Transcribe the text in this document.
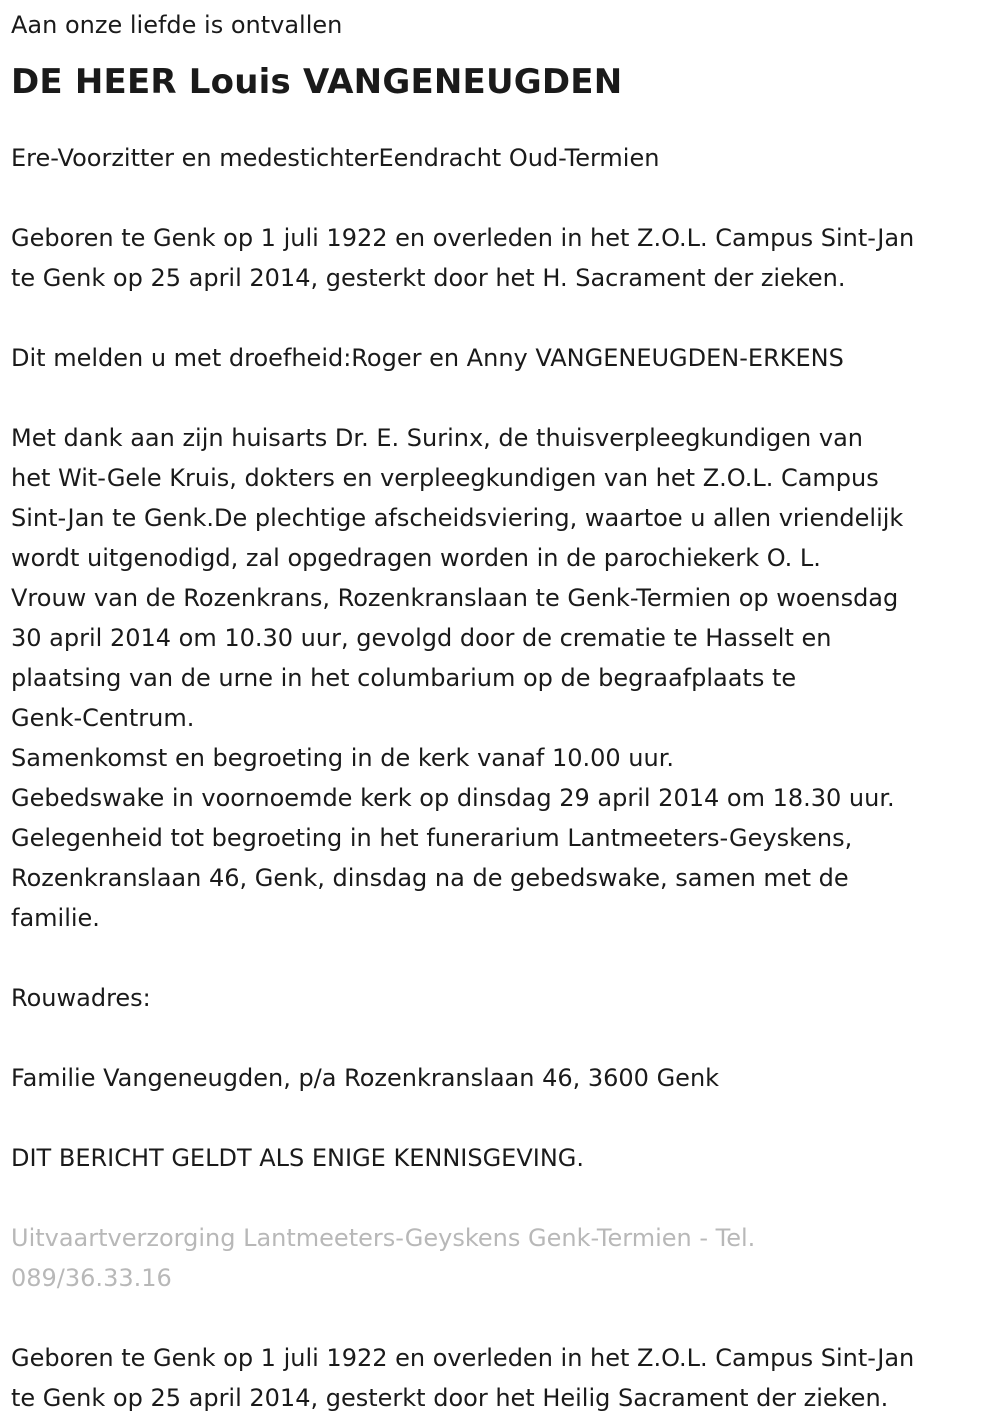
Aan onze liefde is ontvallen

DE HEER Louis VANGENEUGDEN

Ere-Voorzitter en medestichterEendracht Oud-Termien

Geboren te Genk op 1 juli 1922 en overleden in het Z.O.L. Campus Sint-Jan
te Genk op 25 april 2014, gesterkt door het H. Sacrament der zieken.

Dit melden u met droefheid:Roger en Anny VANGENEUGDEN-ERKENS

Met dank aan zijn huisarts Dr. E. Surinx, de thuisverpleegkundigen van
het Wit-Gele Kruis, dokters en verpleegkundigen van het Z.O.L. Campus
Sint-Jan te Genk.De plechtige afscheidsviering, waartoe u allen vriendelijk
wordt uitgenodigd, zal opgedragen worden in de parochiekerk O. L.
Vrouw van de Rozenkrans, Rozenkranslaan te Genk-Termien op woensdag
30 april 2014 om 10.30 uur, gevolgd door de crematie te Hasselt en
plaatsing van de urne in het columbarium op de begraafplaats te
Genk-Centrum.
Samenkomst en begroeting in de kerk vanaf 10.00 uur.
Gebedswake in voornoemde kerk op dinsdag 29 april 2014 om 18.30 uur.
Gelegenheid tot begroeting in het funerarium Lantmeeters-Geyskens,
Rozenkranslaan 46, Genk, dinsdag na de gebedswake, samen met de
familie.

Rouwadres:

Familie Vangeneugden, p/a Rozenkranslaan 46, 3600 Genk

DIT BERICHT GELDT ALS ENIGE KENNISGEVING.

Uitvaartverzorging Lantmeeters-Geyskens Genk-Termien - Tel.
089/36.33.16
Geboren te Genk op 1 juli 1922 en overleden in het Z.O.L. Campus Sint-Jan
te Genk op 25 april 2014, gesterkt door het Heilig Sacrament der zieken.
